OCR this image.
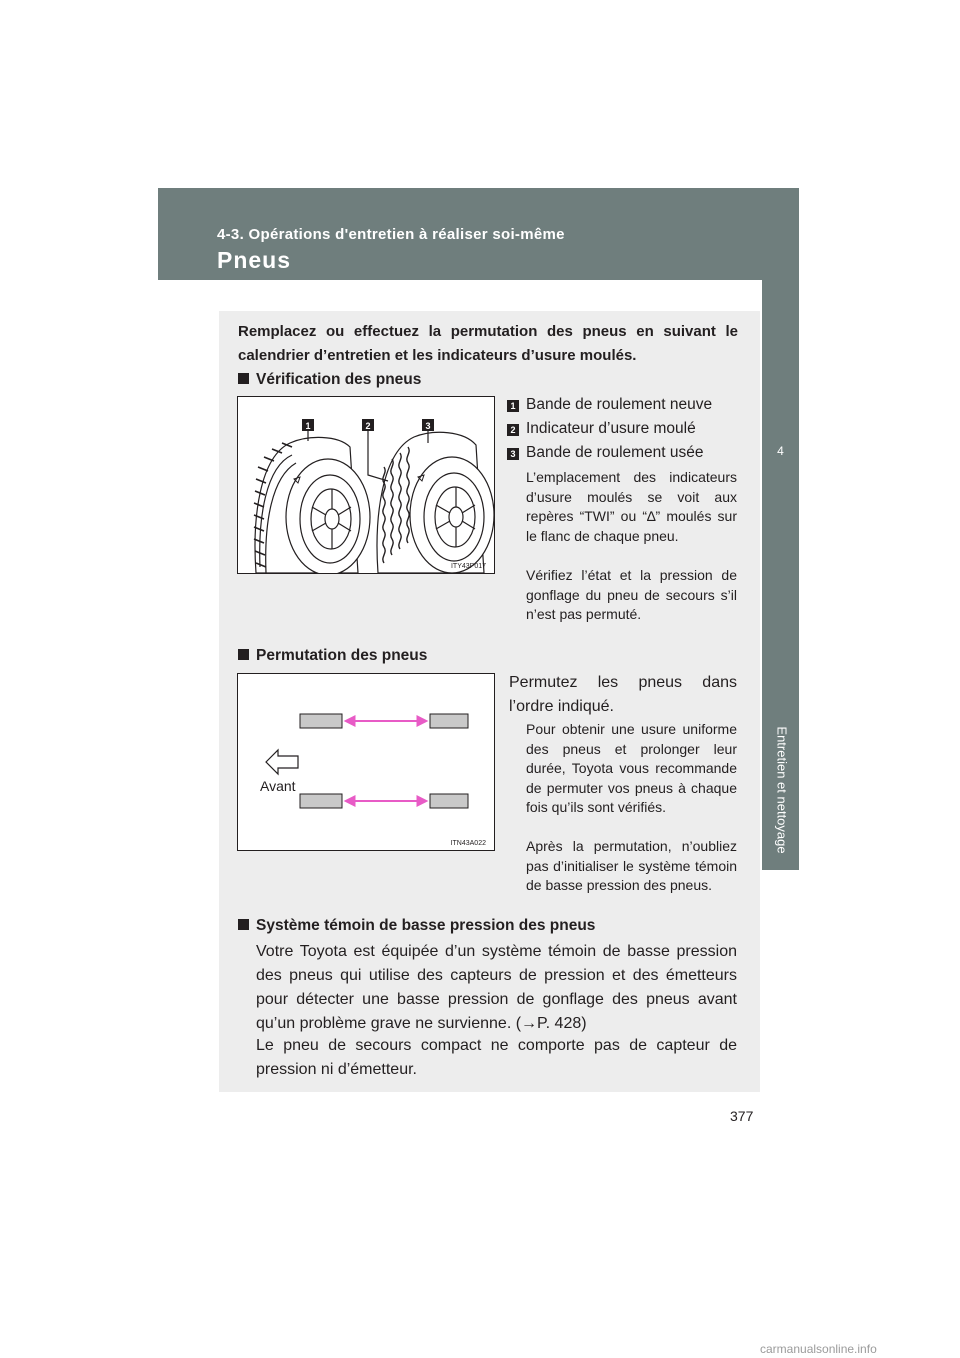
4-3. Opérations d'entretien à réaliser soi-même
Pneus
4
Entretien et nettoyage
Remplacez ou effectuez la permutation des pneus en suivant le calendrier d’entretien et les indicateurs d’usure moulés.
Vérification des pneus
1	2	3
ITY43P017
1 Bande de roulement neuve
2 Indicateur d’usure moulé
3 Bande de roulement usée
L’emplacement des indicateurs d’usure moulés se voit aux repères “TWI” ou “∆” moulés sur le flanc de chaque pneu.
Vérifiez l’état et la pression de gonflage du pneu de secours s’il n’est pas permuté.
Permutation des pneus
Avant
ITN43A022
Permutez les pneus dans l’ordre indiqué.
Pour obtenir une usure uniforme des pneus et prolonger leur durée, Toyota vous recommande de permuter vos pneus à chaque fois qu’ils sont vérifiés.
Après la permutation, n’oubliez pas d’initialiser le système témoin de basse pression des pneus.
Système témoin de basse pression des pneus
Votre Toyota est équipée d’un système témoin de basse pression des pneus qui utilise des capteurs de pression et des émetteurs pour détecter une basse pression de gonflage des pneus avant qu’un problème grave ne survienne. (→P. 428)
Le pneu de secours compact ne comporte pas de capteur de pression ni d’émetteur.
377
carmanualsonline.info
